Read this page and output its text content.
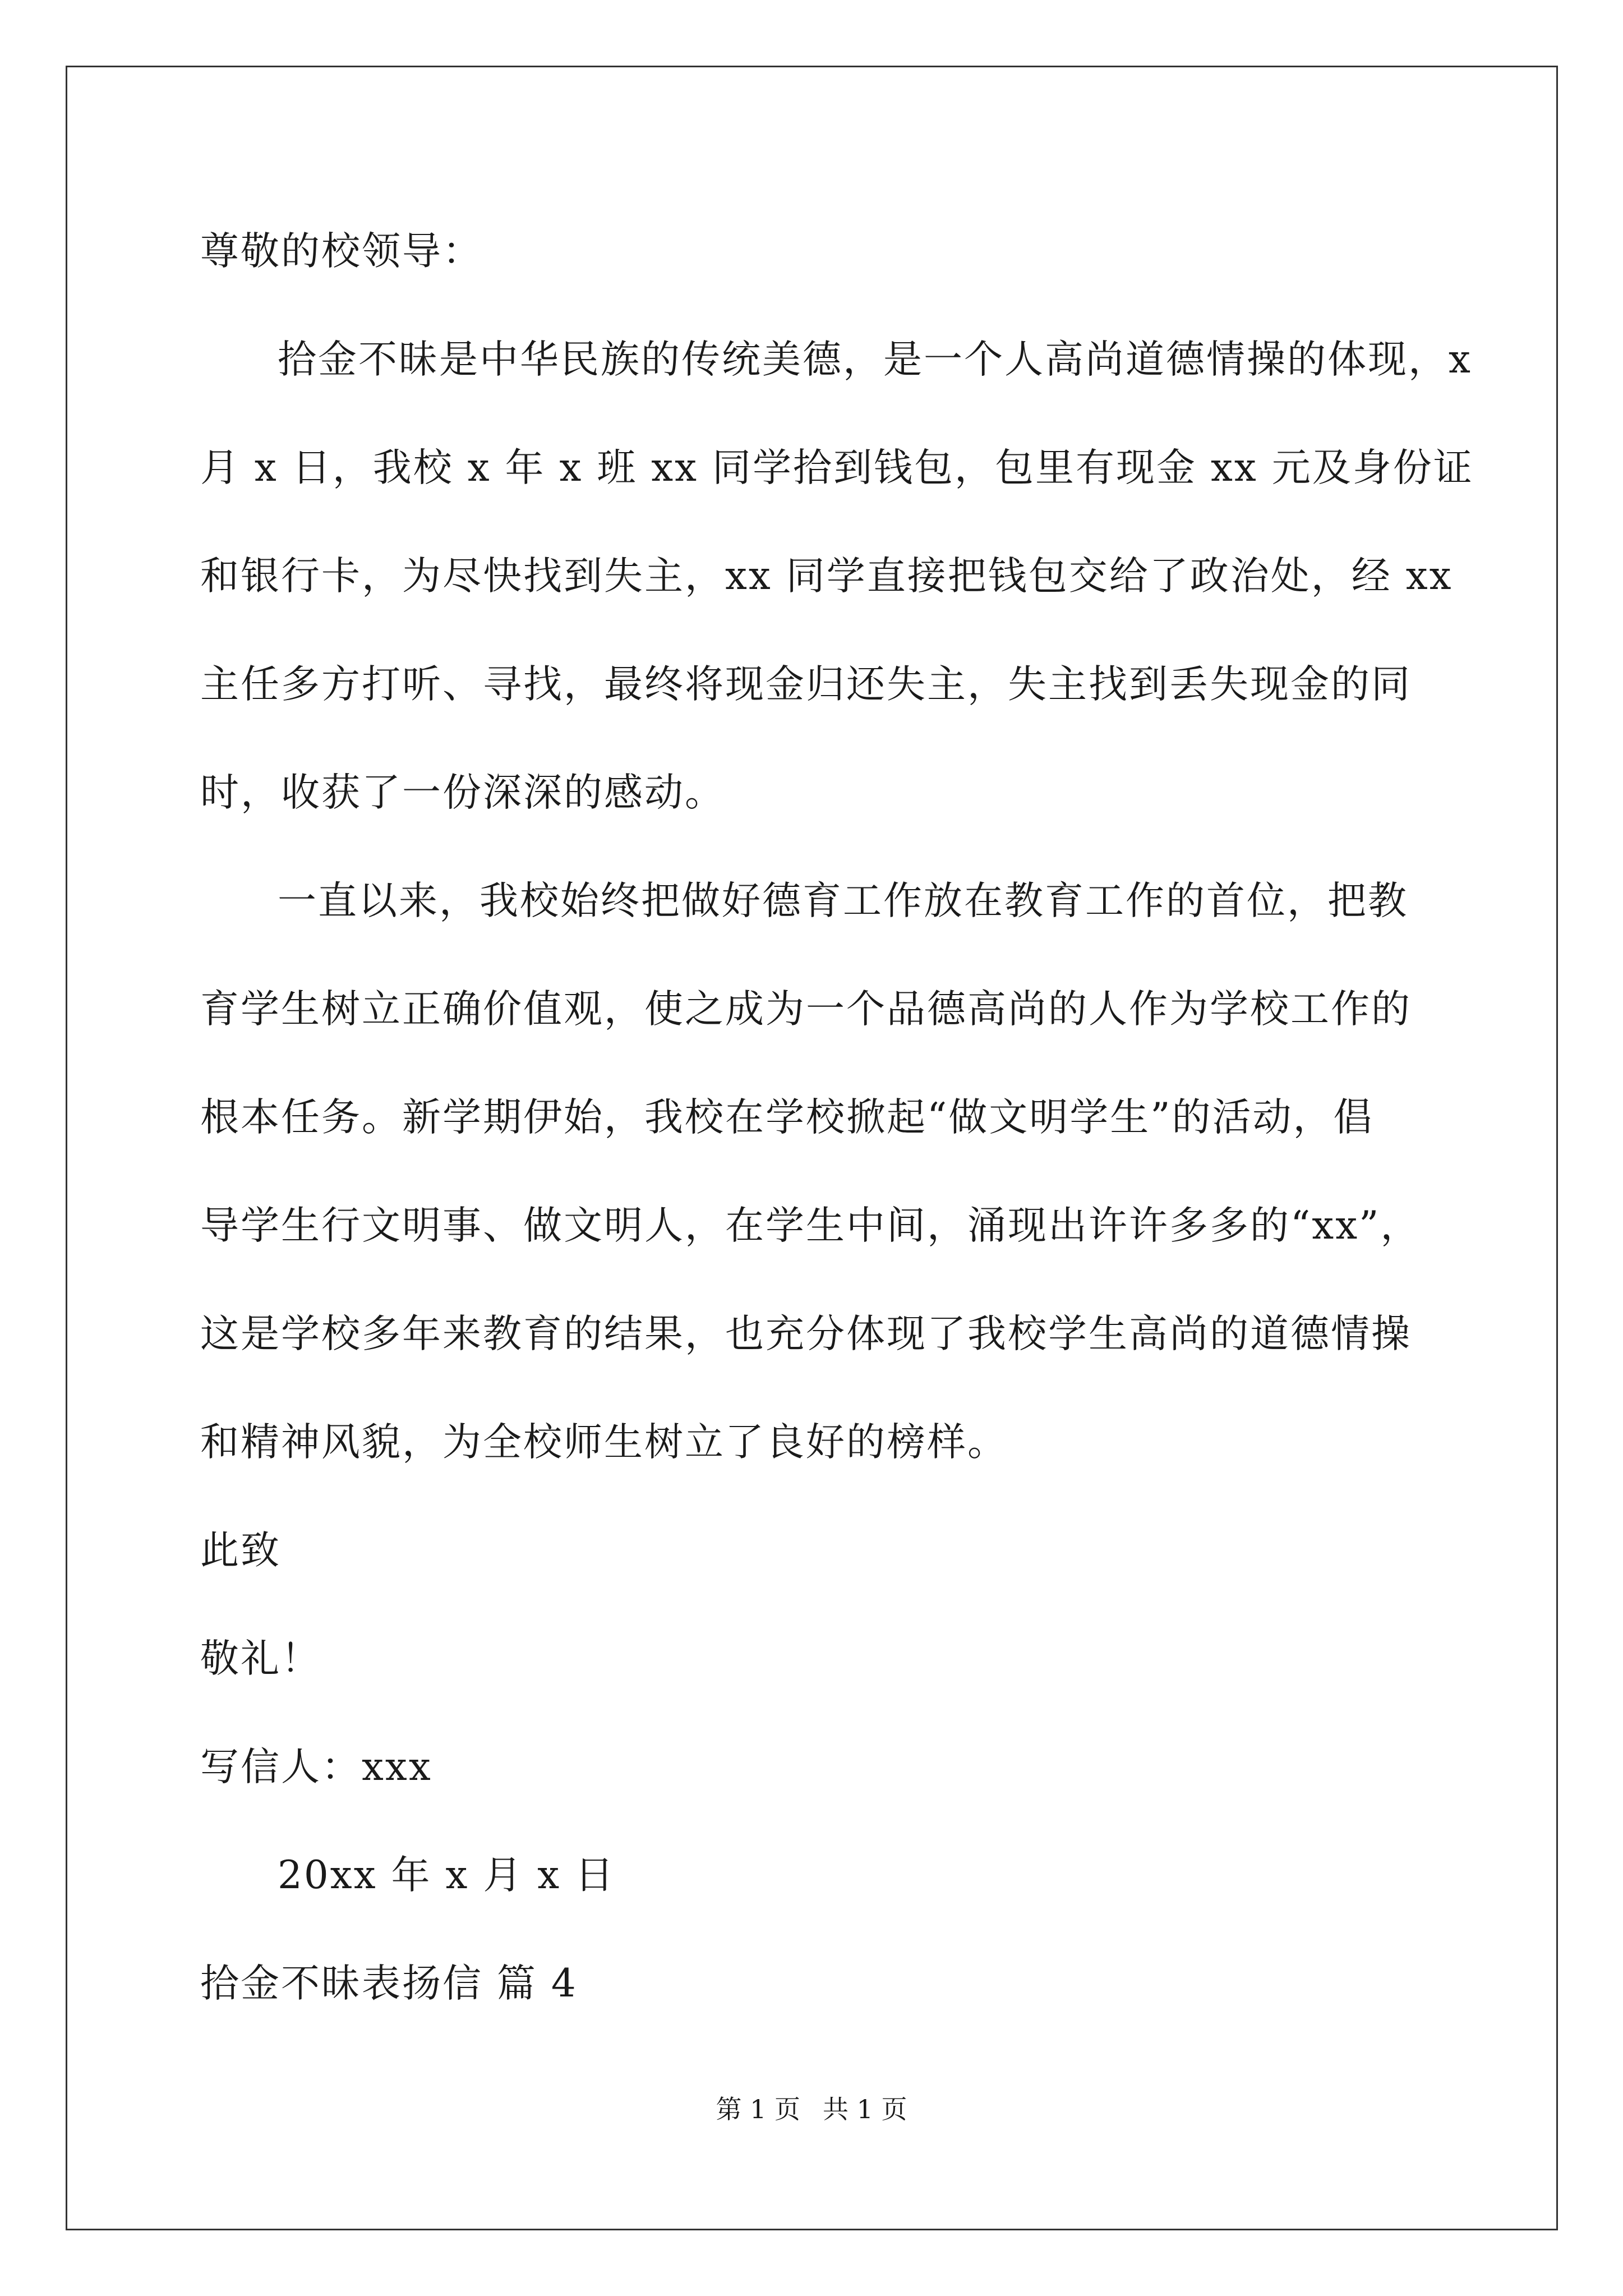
尊敬的校领导：
拾金不昧是中华民族的传统美德，是一个人高尚道德情操的体现，x
月 x 日，我校 x 年 x 班 xx 同学拾到钱包，包里有现金 xx 元及身份证
和银行卡，为尽快找到失主，xx 同学直接把钱包交给了政治处，经 xx
主任多方打听、寻找，最终将现金归还失主，失主找到丢失现金的同
时，收获了一份深深的感动。
一直以来，我校始终把做好德育工作放在教育工作的首位，把教
育学生树立正确价值观，使之成为一个品德高尚的人作为学校工作的
根本任务。新学期伊始，我校在学校掀起“做文明学生”的活动，倡
导学生行文明事、做文明人，在学生中间，涌现出许许多多的“xx”，
这是学校多年来教育的结果，也充分体现了我校学生高尚的道德情操
和精神风貌，为全校师生树立了良好的榜样。
此致
敬礼！
写信人：xxx
20xx 年 x 月 x 日
拾金不昧表扬信 篇 4
第 1 页 共 1 页
